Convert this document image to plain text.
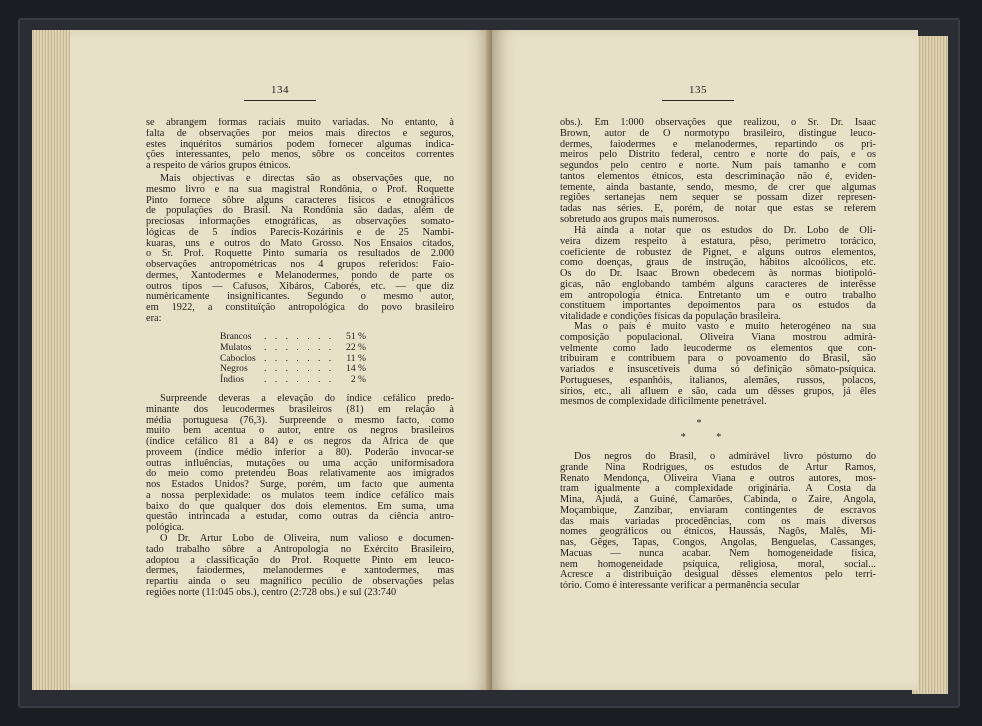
134
se abrangem formas raciais muito variadas. No entanto, à
falta de observações por meios mais directos e seguros,
estes inquéritos sumários podem fornecer algumas indica-
ções interessantes, pelo menos, sôbre os conceitos correntes
a respeito de vários grupos étnicos.
Mais objectivas e directas são as observações que, no
mesmo livro e na sua magistral Rondônia, o Prof. Roquette
Pinto fornece sôbre alguns caracteres físicos e etnográficos
de populações do Brasil. Na Rondônia são dadas, além de
preciosas informações etnográficas, as observações somato-
lógicas de 5 índios Parecís-Kozárinis e de 25 Nambi-
kuaras, uns e outros do Mato Grosso. Nos Ensaios citados,
o Sr. Prof. Roquette Pinto sumaria os resultados de 2.000
observações antropométricas nos 4 grupos referidos: Faio-
dermes, Xantodermes e Melanodermes, pondo de parte os
outros tipos — Cafusos, Xibáros, Caborés, etc. — que diz
numèricamente insignificantes. Segundo o mesmo autor,
em 1922, a constituïção antropológica do povo brasileiro
era:
Brancos	. . . . . . .	51 %
Mulatos	. . . . . . .	22 %
Caboclos . . . . . . .	11 %
Negros	. . . . . . .	14 %
Índios	. . . . . . .	2 %
Surpreende deveras a elevação do índice cefálico predo-
minante dos leucodermes brasileiros (81) em relação à
média portuguesa (76,3). Surpreende o mesmo facto, como
muito bem acentua o autor, entre os negros brasileiros
(índice cefálico 81 a 84) e os negros da África de que
proveem (índice médio inferior a 80). Poderão invocar-se
outras influências, mutações ou uma acção uniformisadora
do meio como pretendeu Boas relativamente aos imigrados
nos Estados Unidos? Surge, porém, um facto que aumenta
a nossa perplexidade: os mulatos teem índice cefálico mais
baixo do que qualquer dos dois elementos. Em suma, uma
questão intrincada a estudar, como outras da ciência antro-
pológica.
O Dr. Artur Lobo de Oliveira, num valioso e documen-
tado trabalho sôbre a Antropologia no Exército Brasileiro,
adoptou a classificação do Prof. Roquette Pinto em leuco-
dermes, faiodermes, melanodermes e xantodermes, mas
repartiu ainda o seu magnífico pecúlio de observações pelas
regiões norte (11:045 obs.), centro (2:728 obs.) e sul (23:740
135
obs.). Em 1:000 observações que realizou, o Sr. Dr. Isaac
Brown, autor de O normotypo brasileiro, distingue leuco-
dermes, faiodermes e melanodermes, repartindo os pri-
meiros pelo Distrito federal, centro e norte do país, e os
segundos pelo centro e norte. Num país tamanho e com
tantos elementos étnicos, esta descriminação não é, eviden-
temente, ainda bastante, sendo, mesmo, de crer que algumas
regiões sertanejas nem sequer se possam dizer represen-
tadas nas séries. É, porém, de notar que estas se referem
sobretudo aos grupos mais numerosos.
Há ainda a notar que os estudos do Dr. Lobo de Oli-
veira dizem respeito à estatura, pêso, perímetro torácico,
coeficiente de robustez de Pignet, e alguns outros elementos,
como doenças, graus de instrução, hábitos alcoólicos, etc.
Os do Dr. Isaac Brown obedecem às normas biotipoló-
gicas, não englobando também alguns caracteres de interêsse
em antropologia étnica. Entretanto um e outro trabalho
constituem importantes depoimentos para os estudos da
vitalidade e condições físicas da população brasileira.
Mas o país é muito vasto e muito heterogéneo na sua
composição populacional. Oliveira Viana mostrou admirà-
velmente como lado leucoderme os elementos que con-
tribuiram e contribuem para o povoamento do Brasil, são
variados e insuscetíveis duma só definição sômato-psíquica.
Portugueses, espanhóis, italianos, alemães, russos, polacos,
sírios, etc., ali afluem e são, cada um dêsses grupos, já êles
mesmos de complexidade difìcilmente penetrável.
*
* *
Dos negros do Brasil, o admirável livro póstumo do
grande Nina Rodrigues, os estudos de Artur Ramos,
Renato Mendonça, Oliveira Viana e outros autores, mos-
tram igualmente a complexidade originária. A Costa da
Mina, Ajudá, a Guiné, Camarões, Cabinda, o Zaire, Angola,
Moçambique, Zanzibar, enviaram contingentes de escravos
das mais variadas procedências, com os mais diversos
nomes geográficos ou étnicos, Haussás, Nagôs, Malês, Mi-
nas, Gêges, Tapas, Congos, Angolas, Benguelas, Cassanges,
Macuas — nunca acabar. Nem homogeneidade física,
nem homogeneidade psíquica, religiosa, moral, social...
Acresce a distribuição desigual dêsses elementos pelo terri-
tório. Como é interessante verificar a permanência secular
